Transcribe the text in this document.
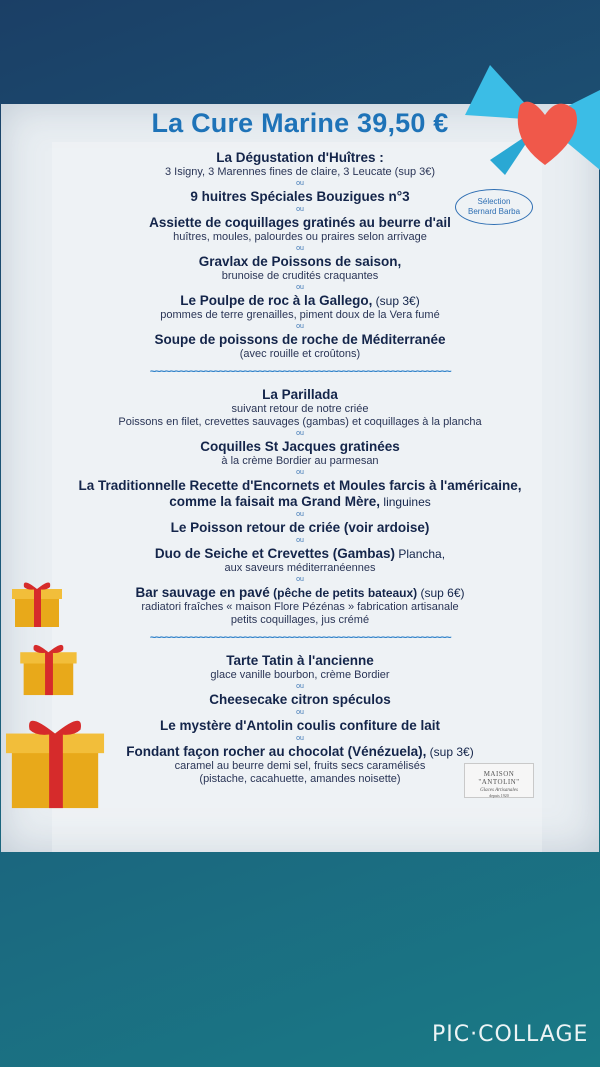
La Cure Marine 39,50 €
Sélection
Bernard Barba
La Dégustation d'Huîtres :
3 Isigny, 3 Marennes fines de claire, 3 Leucate (sup 3€)
ou
9 huitres Spéciales Bouzigues n°3
ou
Assiette de coquillages gratinés au beurre d'ail
huîtres, moules, palourdes ou praires selon arrivage
ou
Gravlax de Poissons de saison,
brunoise de crudités craquantes
ou
Le Poulpe de roc à la Gallego, (sup 3€)
pommes de terre grenailles, piment doux de la Vera fumé
ou
Soupe de poissons de roche de Méditerranée
(avec rouille et croûtons)
~~~~~~~~~~~~~~~~~~~~~~~~~~~~~~~~~~~~~~~~~~~~~~~~~~~~~~~~~~~~~
La Parillada
suivant retour de notre criée
Poissons en filet, crevettes sauvages (gambas) et coquillages à la plancha
ou
Coquilles St Jacques gratinées
à la crème Bordier au parmesan
ou
La Traditionnelle Recette d'Encornets et Moules farcis à l'américaine,
comme la faisait ma Grand Mère, linguines
ou
Le Poisson retour de criée (voir ardoise)
ou
Duo de Seiche et Crevettes (Gambas) Plancha,
aux saveurs méditerranéennes
ou
Bar sauvage en pavé (pêche de petits bateaux) (sup 6€)
radiatori fraîches « maison Flore Pézénas » fabrication artisanale
petits coquillages, jus crémé
~~~~~~~~~~~~~~~~~~~~~~~~~~~~~~~~~~~~~~~~~~~~~~~~~~~~~~~~~~~~~
Tarte Tatin à l'ancienne
glace vanille bourbon, crème Bordier
ou
Cheesecake citron spéculos
ou
Le mystère d'Antolin coulis confiture de lait
ou
Fondant façon rocher au chocolat (Vénézuela), (sup 3€)
caramel au beurre demi sel, fruits secs caramélisés
(pistache, cacahuette, amandes noisette)	MAISON "ANTOLIN"
Glaces Artisanales
depuis 1920
PIC·COLLAGE
